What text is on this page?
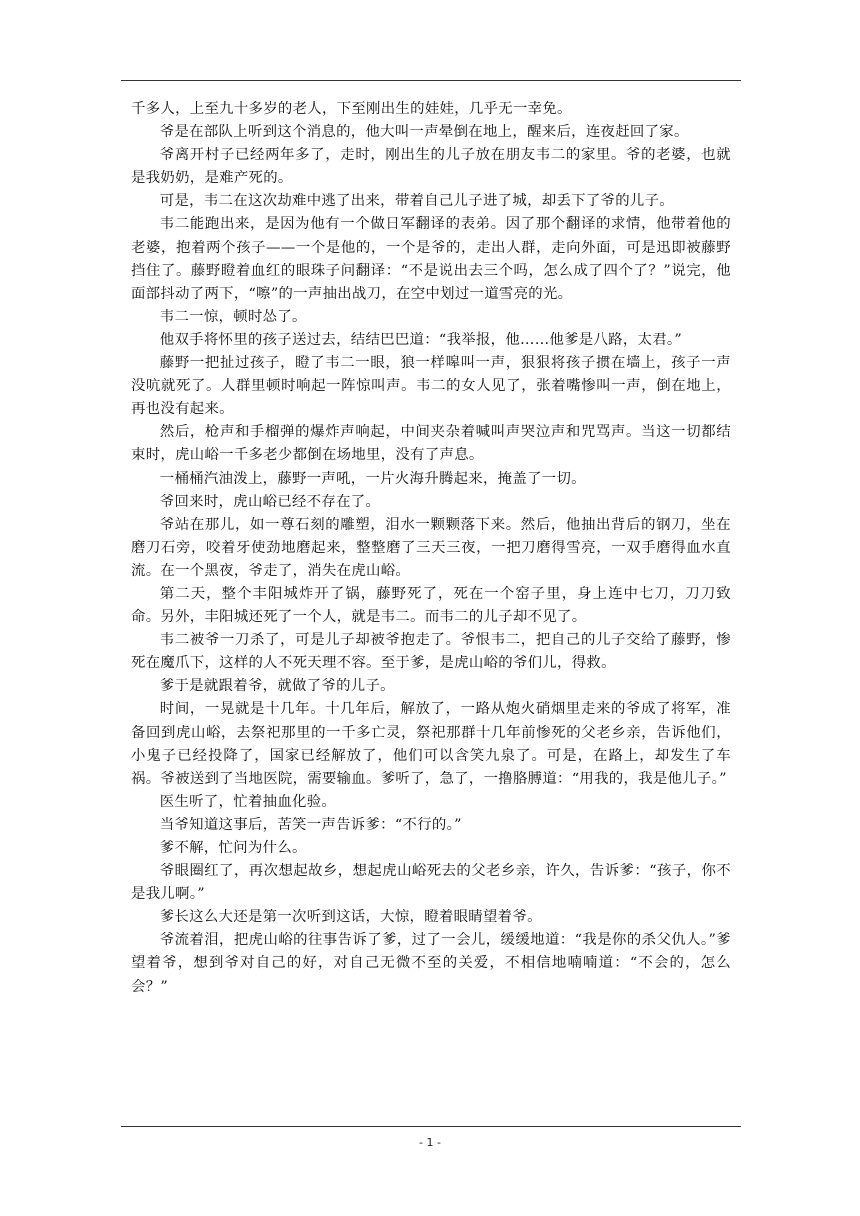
千多人，上至九十多岁的老人，下至刚出生的娃娃，几乎无一幸免。

爷是在部队上听到这个消息的，他大叫一声晕倒在地上，醒来后，连夜赶回了家。

爷离开村子已经两年多了，走时，刚出生的儿子放在朋友韦二的家里。爷的老婆，也就是我奶奶，是难产死的。

可是，韦二在这次劫难中逃了出来，带着自己儿子进了城，却丢下了爷的儿子。

韦二能跑出来，是因为他有一个做日军翻译的表弟。因了那个翻译的求情，他带着他的老婆，抱着两个孩子——一个是他的，一个是爷的，走出人群，走向外面，可是迅即被藤野挡住了。藤野瞪着血红的眼珠子问翻译：“不是说出去三个吗，怎么成了四个了？”说完，他面部抖动了两下，“嚓”的一声抽出战刀，在空中划过一道雪亮的光。

韦二一惊，顿时怂了。

他双手将怀里的孩子送过去，结结巴巴道：“我举报，他……他爹是八路，太君。”

藤野一把扯过孩子，瞪了韦二一眼，狼一样嗥叫一声，狠狠将孩子掼在墙上，孩子一声没吭就死了。人群里顿时响起一阵惊叫声。韦二的女人见了，张着嘴惨叫一声，倒在地上，再也没有起来。

然后，枪声和手榴弹的爆炸声响起，中间夹杂着喊叫声哭泣声和咒骂声。当这一切都结束时，虎山峪一千多老少都倒在场地里，没有了声息。

一桶桶汽油泼上，藤野一声吼，一片火海升腾起来，掩盖了一切。

爷回来时，虎山峪已经不存在了。

爷站在那儿，如一尊石刻的雕塑，泪水一颗颗落下来。然后，他抽出背后的钢刀，坐在磨刀石旁，咬着牙使劲地磨起来，整整磨了三天三夜，一把刀磨得雪亮，一双手磨得血水直流。在一个黑夜，爷走了，消失在虎山峪。

第二天，整个丰阳城炸开了锅，藤野死了，死在一个窑子里，身上连中七刀，刀刀致命。另外，丰阳城还死了一个人，就是韦二。而韦二的儿子却不见了。

韦二被爷一刀杀了，可是儿子却被爷抱走了。爷恨韦二，把自己的儿子交给了藤野，惨死在魔爪下，这样的人不死天理不容。至于爹，是虎山峪的爷们儿，得救。

爹于是就跟着爷，就做了爷的儿子。

时间，一晃就是十几年。十几年后，解放了，一路从炮火硝烟里走来的爷成了将军，准备回到虎山峪，去祭祀那里的一千多亡灵，祭祀那群十几年前惨死的父老乡亲，告诉他们，小鬼子已经投降了，国家已经解放了，他们可以含笑九泉了。可是，在路上，却发生了车祸。爷被送到了当地医院，需要输血。爹听了，急了，一撸胳膊道：“用我的，我是他儿子。”

医生听了，忙着抽血化验。

当爷知道这事后，苦笑一声告诉爹：“不行的。”

爹不解，忙问为什么。

爷眼圈红了，再次想起故乡，想起虎山峪死去的父老乡亲，许久，告诉爹：“孩子，你不是我儿啊。”

爹长这么大还是第一次听到这话，大惊，瞪着眼睛望着爷。

爷流着泪，把虎山峪的往事告诉了爹，过了一会儿，缓缓地道：“我是你的杀父仇人。”爹望着爷，想到爷对自己的好，对自己无微不至的关爱，不相信地喃喃道：“不会的，怎么会？”

- 1 -
